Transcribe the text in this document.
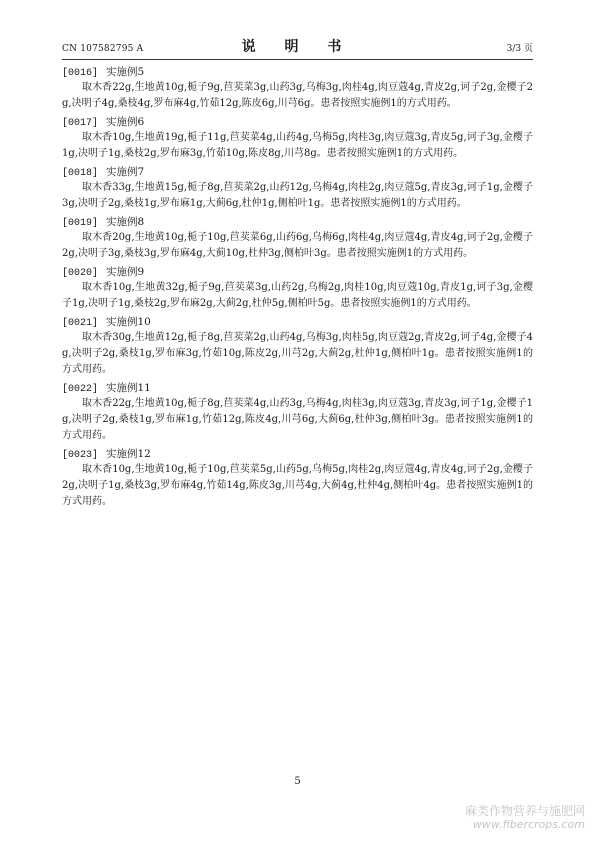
CN 107582795 A	说 明 书	3/3 页
[0016] 实施例5

取木香22g,生地黄10g,栀子9g,苣荬菜3g,山药3g,乌梅3g,肉桂4g,肉豆蔻4g,青皮2g,诃子2g,金樱子2g,决明子4g,桑枝4g,罗布麻4g,竹茹12g,陈皮6g,川芎6g。患者按照实施例1的方式用药。

[0017] 实施例6

取木香10g,生地黄19g,栀子11g,苣荬菜4g,山药4g,乌梅5g,肉桂3g,肉豆蔻3g,青皮5g,诃子3g,金樱子1g,决明子1g,桑枝2g,罗布麻3g,竹茹10g,陈皮8g,川芎8g。患者按照实施例1的方式用药。

[0018] 实施例7

取木香33g,生地黄15g,栀子8g,苣荬菜2g,山药12g,乌梅4g,肉桂2g,肉豆蔻5g,青皮3g,诃子1g,金樱子3g,决明子2g,桑枝1g,罗布麻1g,大蓟6g,杜仲1g,侧柏叶1g。患者按照实施例1的方式用药。

[0019] 实施例8

取木香20g,生地黄10g,栀子10g,苣荬菜6g,山药6g,乌梅6g,肉桂4g,肉豆蔻4g,青皮4g,诃子2g,金樱子2g,决明子3g,桑枝3g,罗布麻4g,大蓟10g,杜仲3g,侧柏叶3g。患者按照实施例1的方式用药。

[0020] 实施例9

取木香10g,生地黄32g,栀子9g,苣荬菜3g,山药2g,乌梅2g,肉桂10g,肉豆蔻10g,青皮1g,诃子3g,金樱子1g,决明子1g,桑枝2g,罗布麻2g,大蓟2g,杜仲5g,侧柏叶5g。患者按照实施例1的方式用药。

[0021] 实施例10

取木香30g,生地黄12g,栀子8g,苣荬菜2g,山药4g,乌梅3g,肉桂5g,肉豆蔻2g,青皮2g,诃子4g,金樱子4g,决明子2g,桑枝1g,罗布麻3g,竹茹10g,陈皮2g,川芎2g,大蓟2g,杜仲1g,侧柏叶1g。患者按照实施例1的方式用药。

[0022] 实施例11

取木香22g,生地黄10g,栀子8g,苣荬菜4g,山药3g,乌梅4g,肉桂3g,肉豆蔻3g,青皮3g,诃子1g,金樱子1g,决明子2g,桑枝1g,罗布麻1g,竹茹12g,陈皮4g,川芎6g,大蓟6g,杜仲3g,侧柏叶3g。患者按照实施例1的方式用药。

[0023] 实施例12

取木香10g,生地黄10g,栀子10g,苣荬菜5g,山药5g,乌梅5g,肉桂2g,肉豆蔻4g,青皮4g,诃子2g,金樱子2g,决明子1g,桑枝3g,罗布麻4g,竹茹14g,陈皮3g,川芎4g,大蓟4g,杜仲4g,侧柏叶4g。患者按照实施例1的方式用药。

5
麻类作物营养与施肥网
www.fibercrops.com
